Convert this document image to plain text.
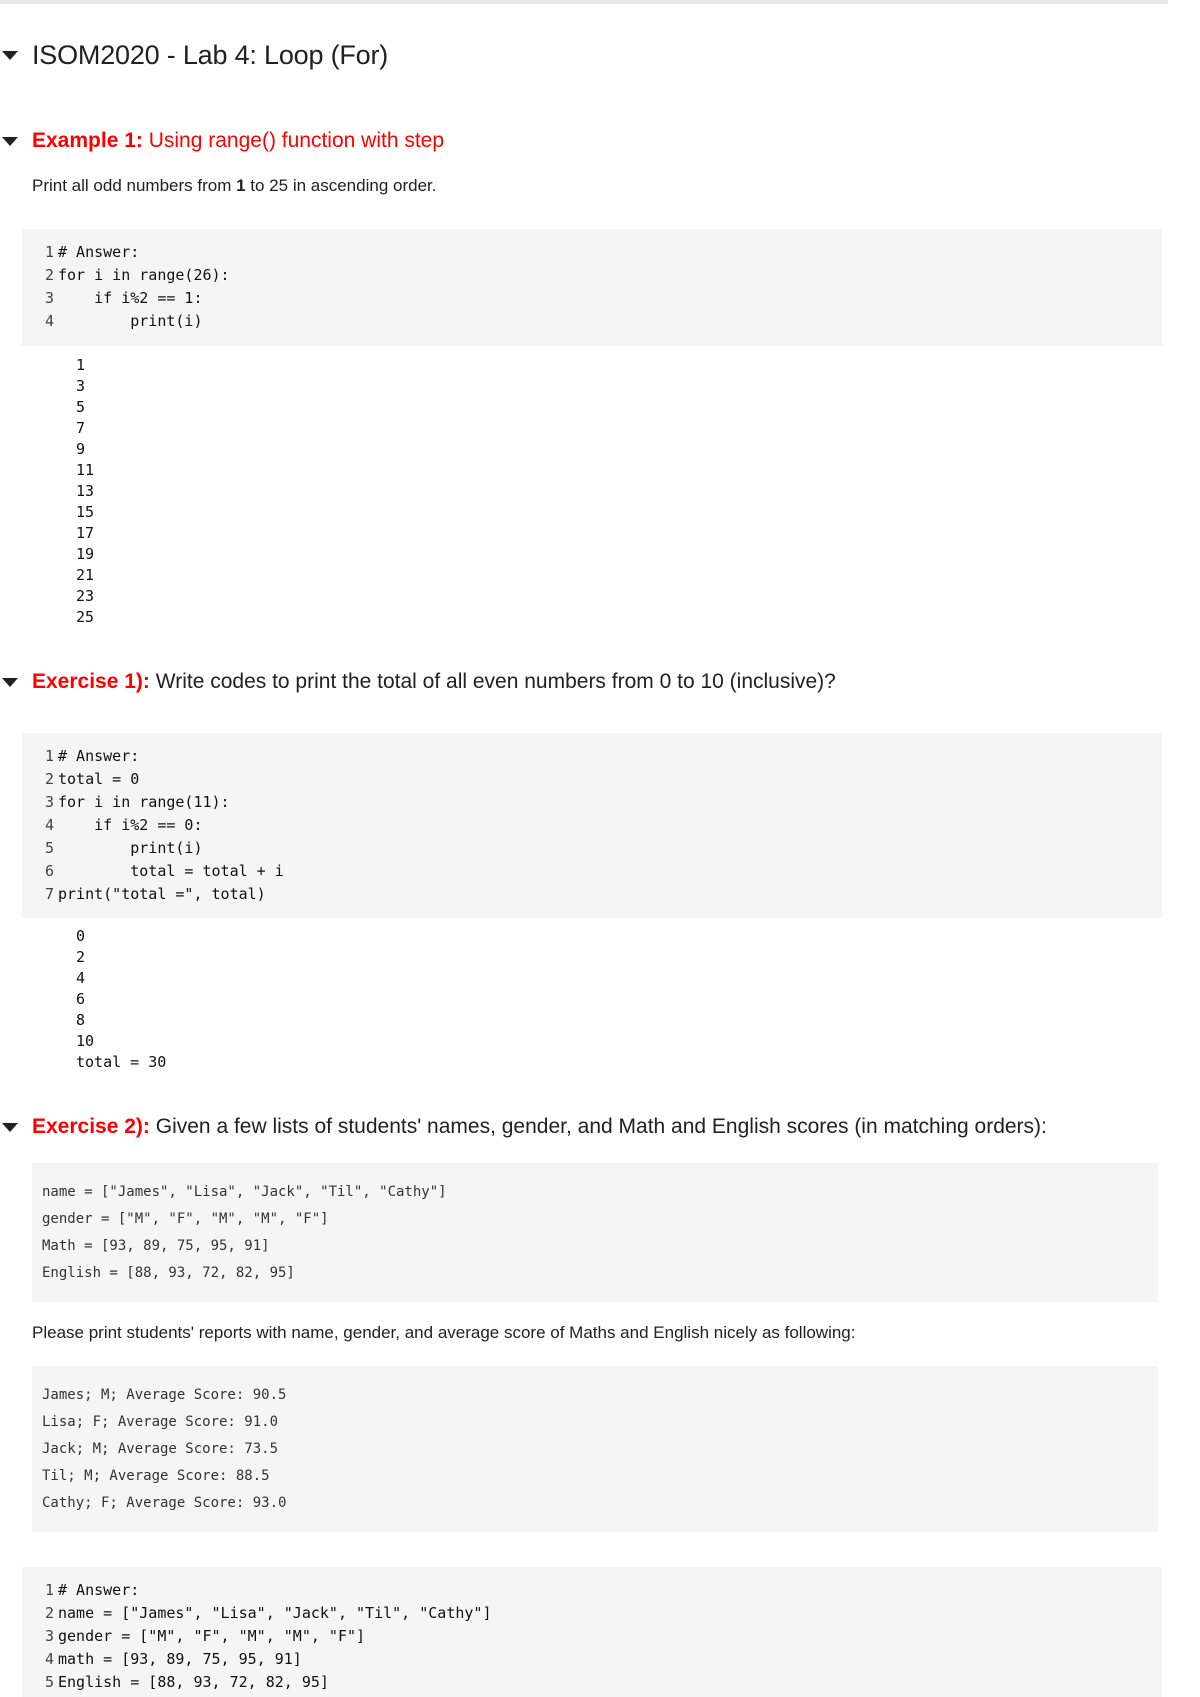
ISOM2020 - Lab 4: Loop (For)
Example 1: Using range() function with step
Print all odd numbers from 1 to 25 in ascending order.
1 # Answer:
2 for i in range(26):
3    if i%2 == 1:
4        print(i)
1
3
5
7
9
11
13
15
17
19
21
23
25
Exercise 1): Write codes to print the total of all even numbers from 0 to 10 (inclusive)?
1 # Answer:
2 total = 0
3 for i in range(11):
4    if i%2 == 0:
5        print(i)
6        total = total + i
7 print("total =", total)
0
2
4
6
8
10
total = 30
Exercise 2): Given a few lists of students' names, gender, and Math and English scores (in matching orders):
name = ["James", "Lisa", "Jack", "Til", "Cathy"]
gender = ["M", "F", "M", "M", "F"]
Math = [93, 89, 75, 95, 91]
English = [88, 93, 72, 82, 95]
Please print students' reports with name, gender, and average score of Maths and English nicely as following:
James; M; Average Score: 90.5
Lisa; F; Average Score: 91.0
Jack; M; Average Score: 73.5
Til; M; Average Score: 88.5
Cathy; F; Average Score: 93.0
1 # Answer:
2 name = ["James", "Lisa", "Jack", "Til", "Cathy"]
3 gender = ["M", "F", "M", "M", "F"]
4 math = [93, 89, 75, 95, 91]
5 English = [88, 93, 72, 82, 95]
